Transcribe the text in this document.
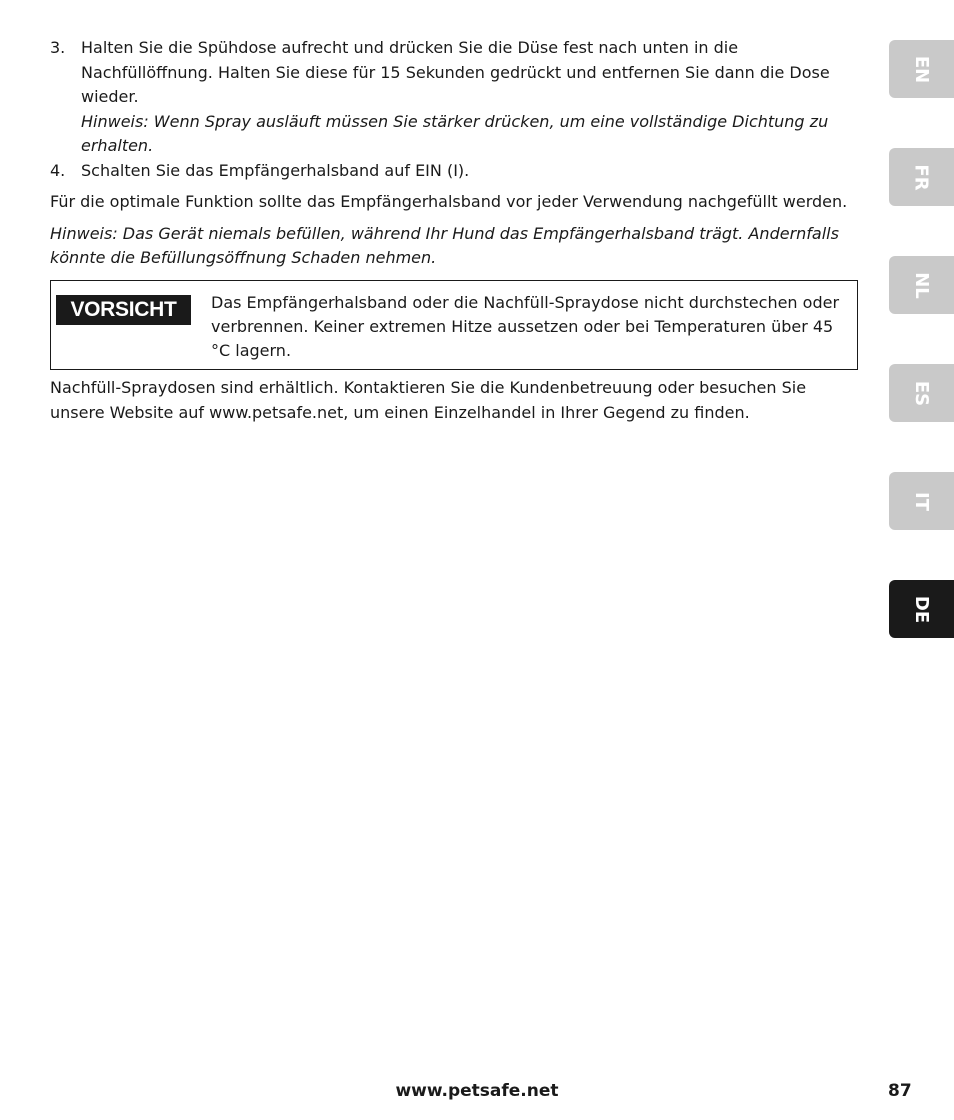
3. Halten Sie die Spühdose aufrecht und drücken Sie die Düse fest nach unten in die Nachfüllöffnung. Halten Sie diese für 15 Sekunden gedrückt und entfernen Sie dann die Dose wieder.
Hinweis: Wenn Spray ausläuft müssen Sie stärker drücken, um eine vollständige Dichtung zu erhalten.
4. Schalten Sie das Empfängerhalsband auf EIN (I).

Für die optimale Funktion sollte das Empfängerhalsband vor jeder Verwendung nachgefüllt werden.

Hinweis: Das Gerät niemals befüllen, während Ihr Hund das Empfängerhalsband trägt. Andernfalls könnte die Befüllungsöffnung Schaden nehmen.

VORSICHT	Das Empfängerhalsband oder die Nachfüll-Spraydose nicht durchstechen oder verbrennen. Keiner extremen Hitze aussetzen oder bei Temperaturen über 45 °C lagern.

Nachfüll-Spraydosen sind erhältlich. Kontaktieren Sie die Kundenbetreuung oder besuchen Sie unsere Website auf www.petsafe.net, um einen Einzelhandel in Ihrer Gegend zu finden.

EN
FR
NL
ES
IT
DE
www.petsafe.net	87
